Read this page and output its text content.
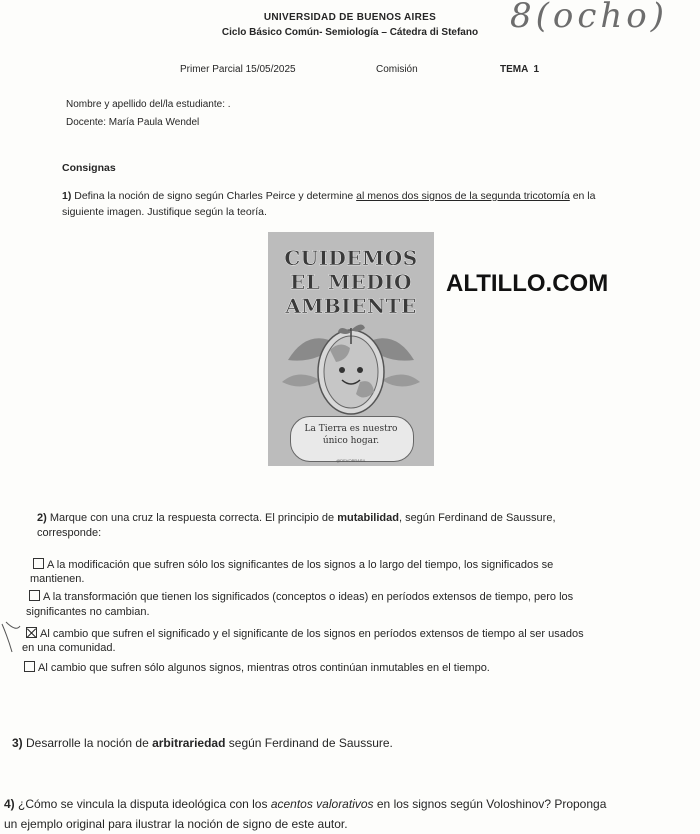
UNIVERSIDAD DE BUENOS AIRES
Ciclo Básico Común- Semiología – Cátedra di Stefano 8(ocho)
Primer Parcial 15/05/2025	Comisión	TEMA  1
Nombre y apellido del/la estudiante: .
Docente: María Paula Wendel
Consignas
1) Defina la noción de signo según Charles Peirce y determine al menos dos signos de la segunda tricotomía en la
siguiente imagen. Justifique según la teoría.
CUIDEMOS
EL MEDIO
AMBIENTE
La Tierra es nuestro
único hogar.
@DEVOBRASIL
ALTILLO.COM
2) Marque con una cruz la respuesta correcta. El principio de mutabilidad, según Ferdinand de Saussure,
corresponde:
A la modificación que sufren sólo los significantes de los signos a lo largo del tiempo, los significados se
mantienen.
A la transformación que tienen los significados (conceptos o ideas) en períodos extensos de tiempo, pero los
significantes no cambian.
Al cambio que sufren el significado y el significante de los signos en períodos extensos de tiempo al ser usados
en una comunidad.
Al cambio que sufren sólo algunos signos, mientras otros continúan inmutables en el tiempo.
3) Desarrolle la noción de arbitrariedad según Ferdinand de Saussure.
4) ¿Cómo se vincula la disputa ideológica con los acentos valorativos en los signos según Voloshinov? Proponga
un ejemplo original para ilustrar la noción de signo de este autor.
